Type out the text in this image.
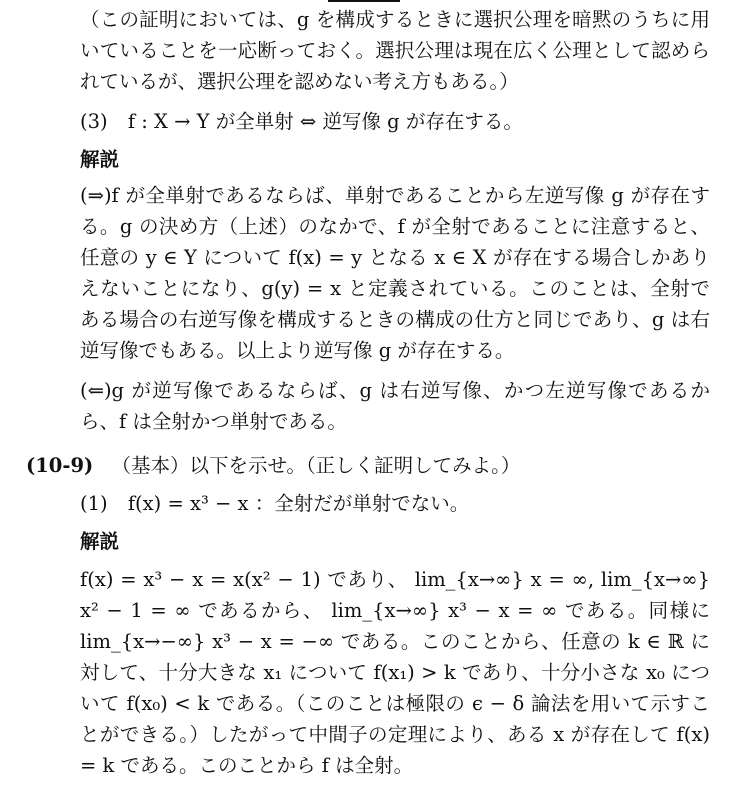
（この証明においては、g を構成するときに選択公理を暗黙のうちに用いていることを一応断っておく。選択公理は現在広く公理として認められているが、選択公理を認めない考え方もある。）

(3) f : X → Y が全単射 ⇔ 逆写像 g が存在する。
解説

(⇒)f が全単射であるならば、単射であることから左逆写像 g が存在する。g の決め方（上述）のなかで、f が全射であることに注意すると、任意の y ∈ Y について f(x) = y となる x ∈ X が存在する場合しかありえないことになり、g(y) = x と定義されている。このことは、全射である場合の右逆写像を構成するときの構成の仕方と同じであり、g は右逆写像でもある。以上より逆写像 g が存在する。

(⇐)g が逆写像であるならば、g は右逆写像、かつ左逆写像であるから、f は全射かつ単射である。

(10-9) （基本）以下を示せ。（正しく証明してみよ。）
(1) f(x) = x³ − x ：全射だが単射でない。
解説

f(x) = x³ − x = x(x² − 1) であり、 lim_{x→∞} x = ∞, lim_{x→∞} x² − 1 = ∞ であるから、 lim_{x→∞} x³ − x = ∞ である。同様に lim_{x→−∞} x³ − x = −∞ である。このことから、任意の k ∈ ℝ に対して、十分大きな x₁ について f(x₁) > k であり、十分小さな x₀ について f(x₀) < k である。（このことは極限の ϵ − δ 論法を用いて示すことができる。）したがって中間子の定理により、ある x が存在して f(x) = k である。このことから f は全射。
